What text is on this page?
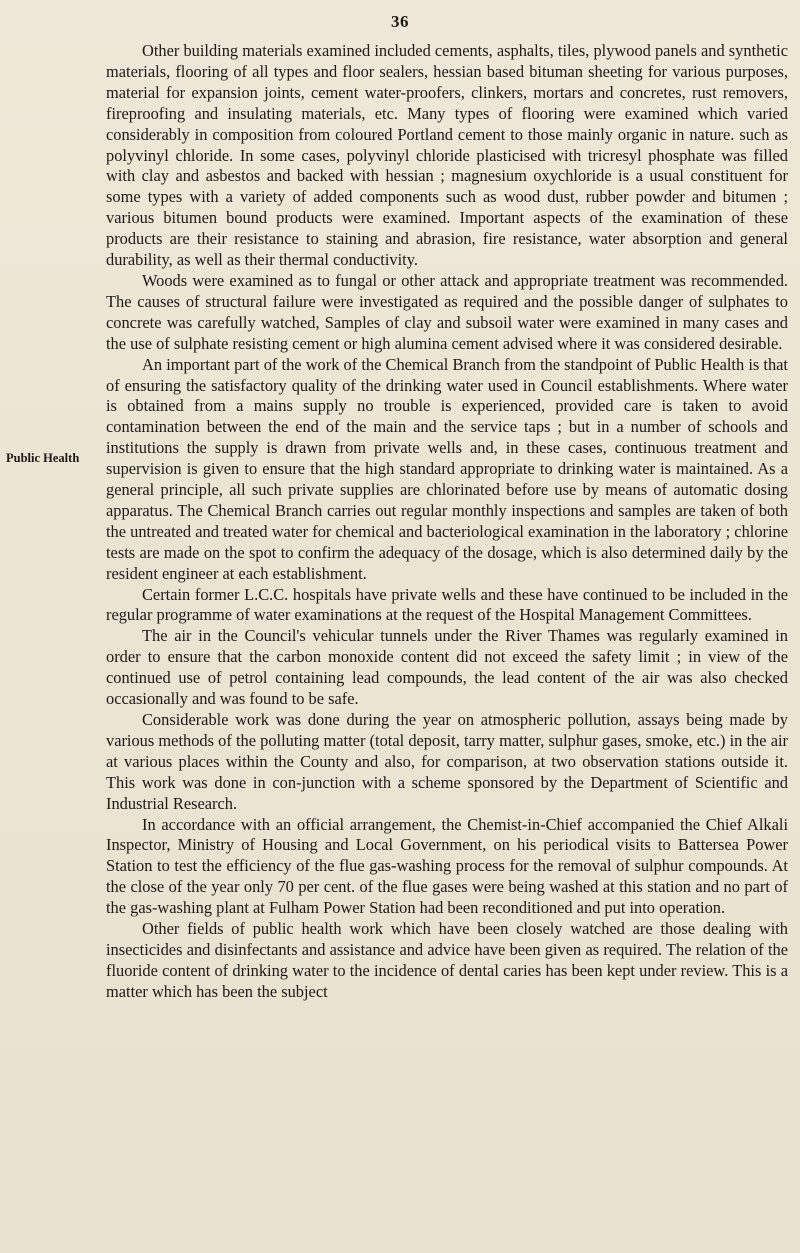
36
Public Health

Other building materials examined included cements, asphalts, tiles, plywood panels and synthetic materials, flooring of all types and floor sealers, hessian based bituman sheeting for various purposes, material for expansion joints, cement water-proofers, clinkers, mortars and concretes, rust removers, fireproofing and insulating materials, etc. Many types of flooring were examined which varied considerably in composition from coloured Portland cement to those mainly organic in nature. such as polyvinyl chloride. In some cases, polyvinyl chloride plasticised with tricresyl phosphate was filled with clay and asbestos and backed with hessian ; magnesium oxychloride is a usual constituent for some types with a variety of added components such as wood dust, rubber powder and bitumen ; various bitumen bound products were examined. Important aspects of the examination of these products are their resistance to staining and abrasion, fire resistance, water absorption and general durability, as well as their thermal conductivity.

Woods were examined as to fungal or other attack and appropriate treatment was recommended. The causes of structural failure were investigated as required and the possible danger of sulphates to concrete was carefully watched, Samples of clay and subsoil water were examined in many cases and the use of sulphate resisting cement or high alumina cement advised where it was considered desirable.

An important part of the work of the Chemical Branch from the standpoint of Public Health is that of ensuring the satisfactory quality of the drinking water used in Council establishments. Where water is obtained from a mains supply no trouble is experienced, provided care is taken to avoid contamination between the end of the main and the service taps ; but in a number of schools and institutions the supply is drawn from private wells and, in these cases, continuous treatment and supervision is given to ensure that the high standard appropriate to drinking water is maintained. As a general principle, all such private supplies are chlorinated before use by means of automatic dosing apparatus. The Chemical Branch carries out regular monthly inspections and samples are taken of both the untreated and treated water for chemical and bacteriological examination in the laboratory ; chlorine tests are made on the spot to confirm the adequacy of the dosage, which is also determined daily by the resident engineer at each establishment.

Certain former L.C.C. hospitals have private wells and these have continued to be included in the regular programme of water examinations at the request of the Hospital Management Committees.

The air in the Council's vehicular tunnels under the River Thames was regularly examined in order to ensure that the carbon monoxide content did not exceed the safety limit ; in view of the continued use of petrol containing lead compounds, the lead content of the air was also checked occasionally and was found to be safe.

Considerable work was done during the year on atmospheric pollution, assays being made by various methods of the polluting matter (total deposit, tarry matter, sulphur gases, smoke, etc.) in the air at various places within the County and also, for comparison, at two observation stations outside it. This work was done in con-junction with a scheme sponsored by the Department of Scientific and Industrial Research.

In accordance with an official arrangement, the Chemist-in-Chief accompanied the Chief Alkali Inspector, Ministry of Housing and Local Government, on his periodical visits to Battersea Power Station to test the efficiency of the flue gas-washing process for the removal of sulphur compounds. At the close of the year only 70 per cent. of the flue gases were being washed at this station and no part of the gas-washing plant at Fulham Power Station had been reconditioned and put into operation.

Other fields of public health work which have been closely watched are those dealing with insecticides and disinfectants and assistance and advice have been given as required. The relation of the fluoride content of drinking water to the incidence of dental caries has been kept under review. This is a matter which has been the subject
